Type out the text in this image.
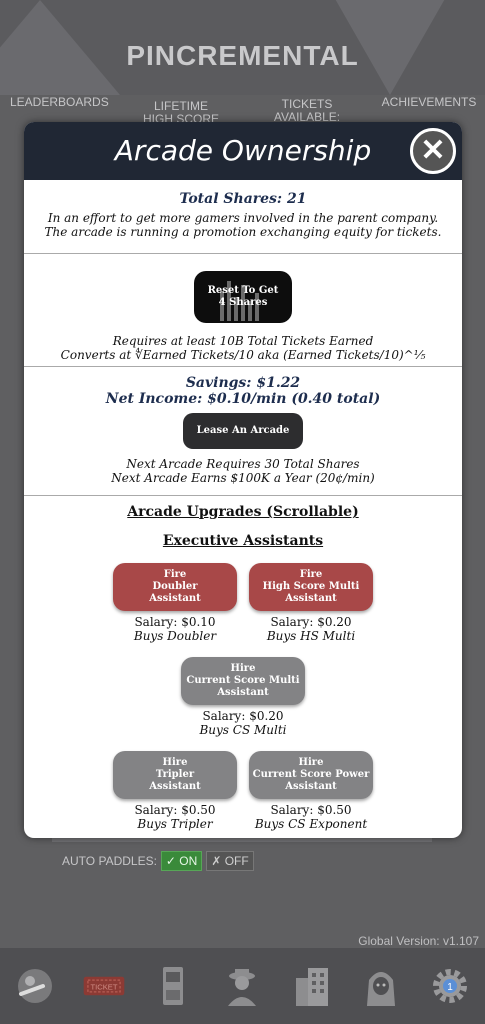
PINCREMENTAL
LEADERBOARDS	LIFETIME
HIGH SCORE
TICKETS
AVAILABLE:
ACHIEVEMENTS
AUTO PADDLES: ✓ ON	✗ OFF
Global Version: v1.107
TICKET	1
Arcade Ownership	✕
Total Shares: 21

In an effort to get more gamers involved in the parent company. The arcade is running a promotion exchanging equity for tickets.

Reset To Get
4 Shares
Requires at least 10B Total Tickets Earned
Converts at ∜Earned Tickets/10 aka (Earned Tickets/10)^⅕
Savings: $1.22
Net Income: $0.10/min (0.40 total)
Lease An Arcade
Next Arcade Requires 30 Total Shares
Next Arcade Earns $100K a Year (20¢/min)
Arcade Upgrades (Scrollable)
Executive Assistants
Fire
Doubler
Assistant
Salary: $0.10
Buys Doubler
Fire
High Score Multi
Assistant
Salary: $0.20
Buys HS Multi
Hire
Current Score Multi
Assistant
Salary: $0.20
Buys CS Multi
Hire
Tripler
Assistant
Salary: $0.50
Buys Tripler
Hire
Current Score Power
Assistant
Salary: $0.50
Buys CS Exponent
